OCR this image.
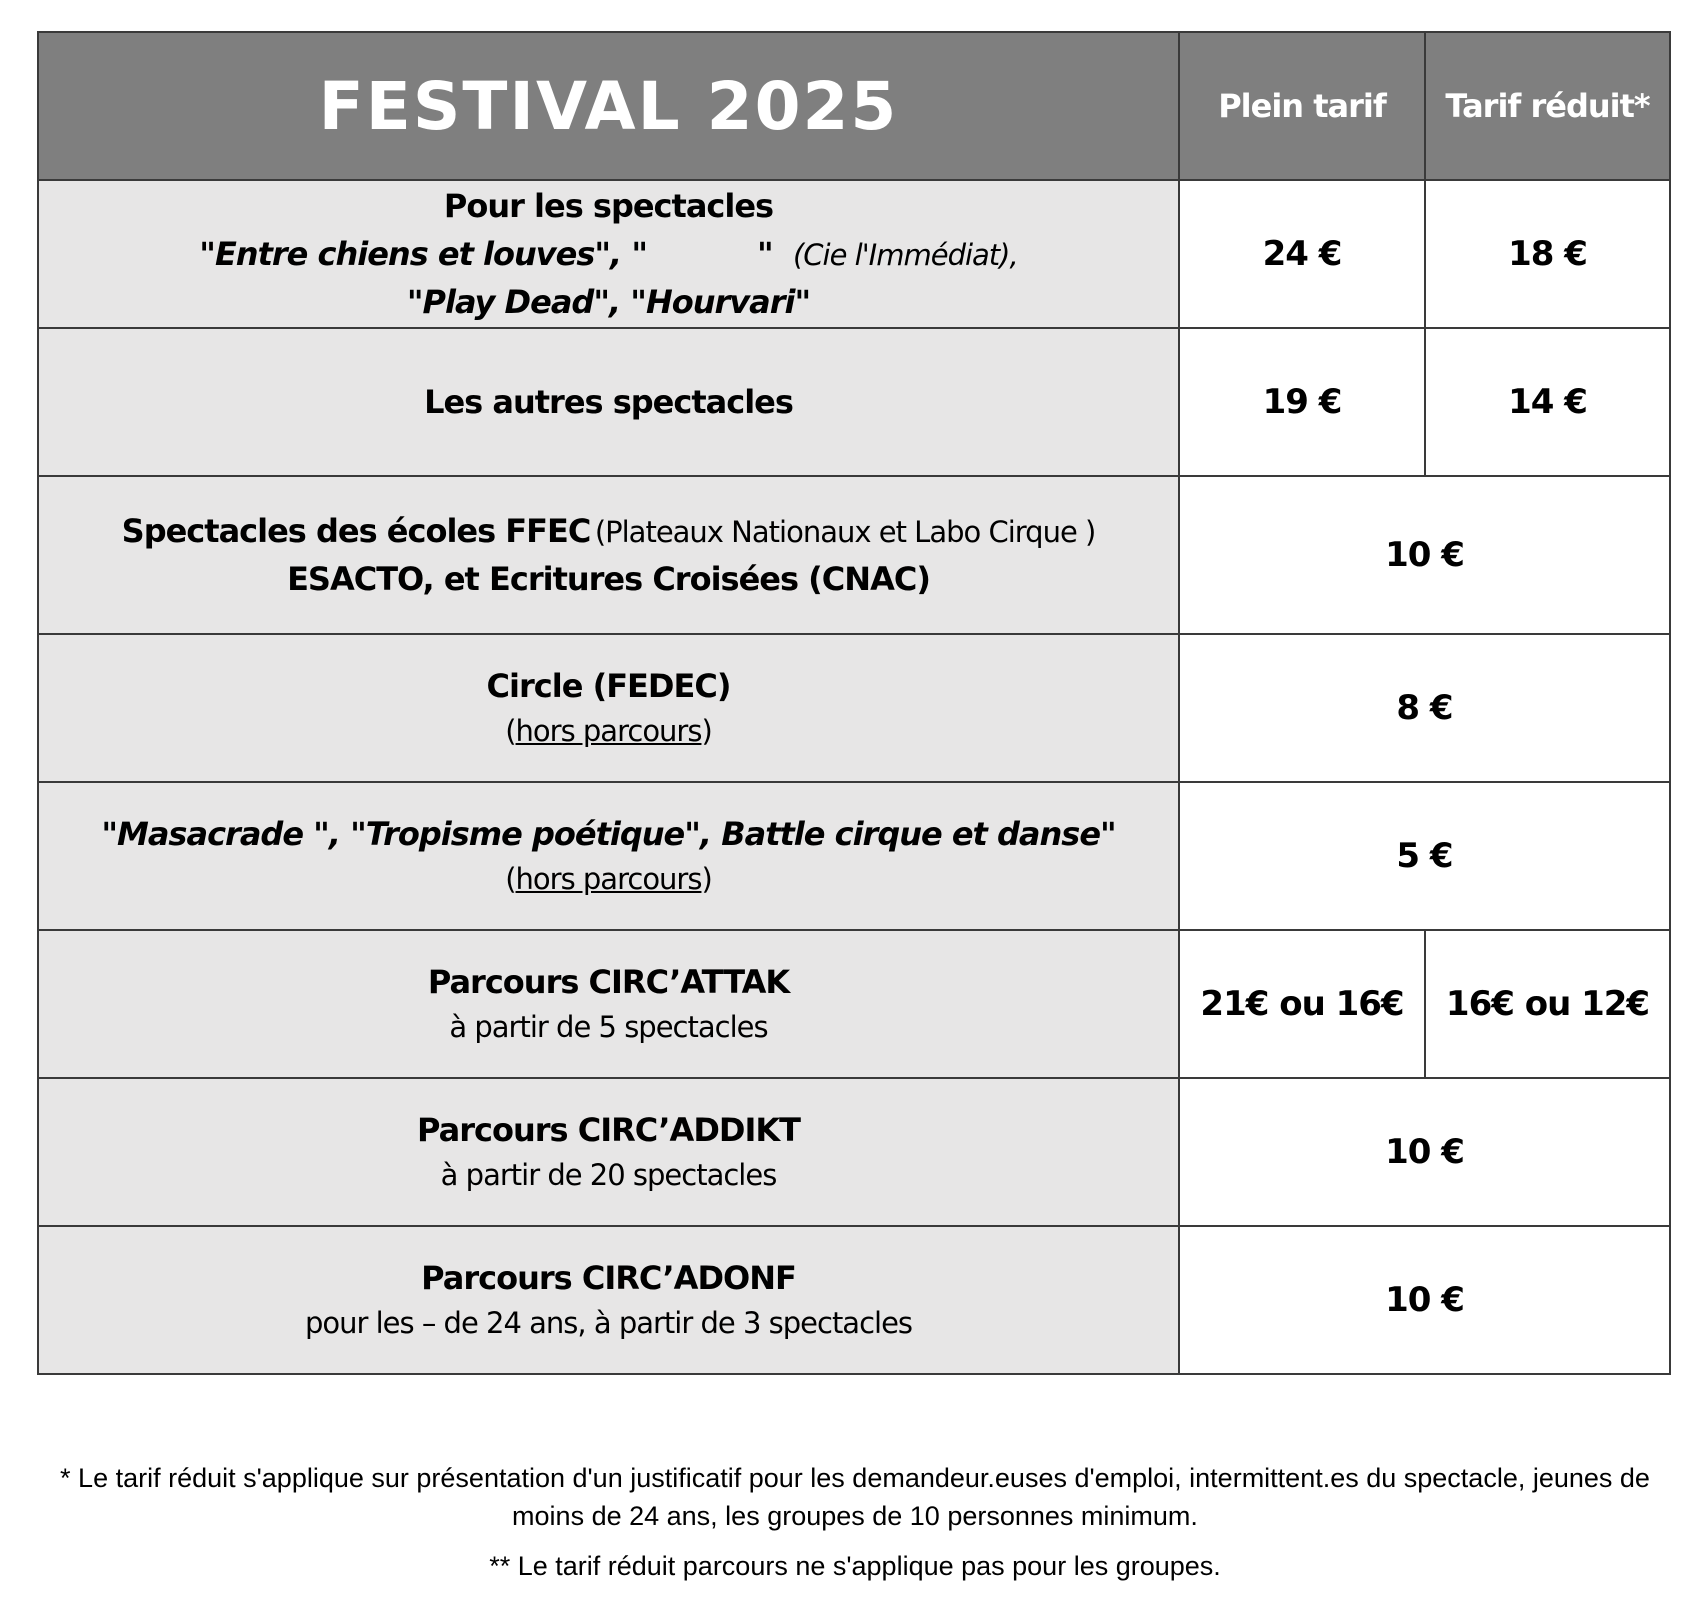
FESTIVAL 2025	Plein tarif	Tarif réduit*

Pour les spectacles
"Entre chiens et louves", " " (Cie l'Immédiat),
"Play Dead", "Hourvari"	24 €	18 €

Les autres spectacles	19 €	14 €

Spectacles des écoles FFEC (Plateaux Nationaux et Labo Cirque )
ESACTO, et Ecritures Croisées (CNAC)	10 €	

Circle (FEDEC)
(hors parcours)	8 €	

"Masacrade ", "Tropisme poétique", Battle cirque et danse"
(hors parcours)	5 €	

Parcours CIRC’ATTAK
à partir de 5 spectacles	21€ ou 16€	16€ ou 12€

Parcours CIRC’ADDIKT
à partir de 20 spectacles	10 €	

Parcours CIRC’ADONF
pour les – de 24 ans, à partir de 3 spectacles	10 €	

* Le tarif réduit s'applique sur présentation d'un justificatif pour les demandeur.euses d'emploi, intermittent.es du spectacle, jeunes de moins de 24 ans, les groupes de 10 personnes minimum.

** Le tarif réduit parcours ne s'applique pas pour les groupes.
